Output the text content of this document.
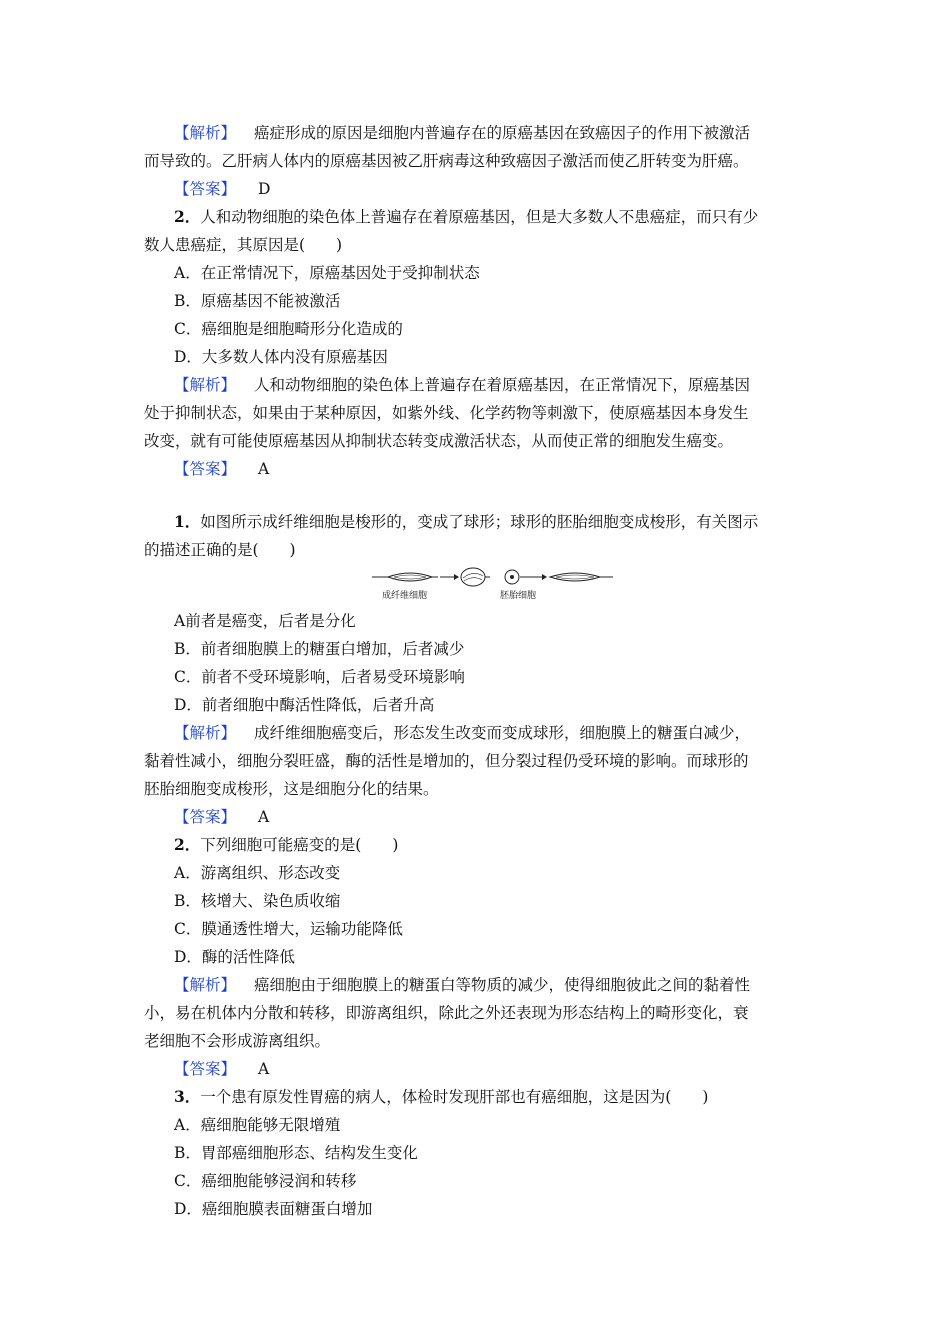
【解析】 癌症形成的原因是细胞内普遍存在的原癌基因在致癌因子的作用下被激活
而导致的。乙肝病人体内的原癌基因被乙肝病毒这种致癌因子激活而使乙肝转变为肝癌。
【答案】 D
2．人和动物细胞的染色体上普遍存在着原癌基因，但是大多数人不患癌症，而只有少
数人患癌症，其原因是(　　)
A．在正常情况下，原癌基因处于受抑制状态
B．原癌基因不能被激活
C．癌细胞是细胞畸形分化造成的
D．大多数人体内没有原癌基因
【解析】 人和动物细胞的染色体上普遍存在着原癌基因，在正常情况下，原癌基因
处于抑制状态，如果由于某种原因，如紫外线、化学药物等刺激下，使原癌基因本身发生
改变，就有可能使原癌基因从抑制状态转变成激活状态，从而使正常的细胞发生癌变。
【答案】 A
1．如图所示成纤维细胞是梭形的，变成了球形；球形的胚胎细胞变成梭形，有关图示
的描述正确的是(　　)
成纤维细胞	胚胎细胞
A前者是癌变，后者是分化
B．前者细胞膜上的糖蛋白增加，后者减少
C．前者不受环境影响，后者易受环境影响
D．前者细胞中酶活性降低，后者升高
【解析】 成纤维细胞癌变后，形态发生改变而变成球形，细胞膜上的糖蛋白减少，
黏着性减小，细胞分裂旺盛，酶的活性是增加的，但分裂过程仍受环境的影响。而球形的
胚胎细胞变成梭形，这是细胞分化的结果。
【答案】 A
2．下列细胞可能癌变的是(　　)
A．游离组织、形态改变
B．核增大、染色质收缩
C．膜通透性增大，运输功能降低
D．酶的活性降低
【解析】 癌细胞由于细胞膜上的糖蛋白等物质的减少，使得细胞彼此之间的黏着性
小，易在机体内分散和转移，即游离组织，除此之外还表现为形态结构上的畸形变化，衰
老细胞不会形成游离组织。
【答案】 A
3．一个患有原发性胃癌的病人，体检时发现肝部也有癌细胞，这是因为(　　)
A．癌细胞能够无限增殖
B．胃部癌细胞形态、结构发生变化
C．癌细胞能够浸润和转移
D．癌细胞膜表面糖蛋白增加
